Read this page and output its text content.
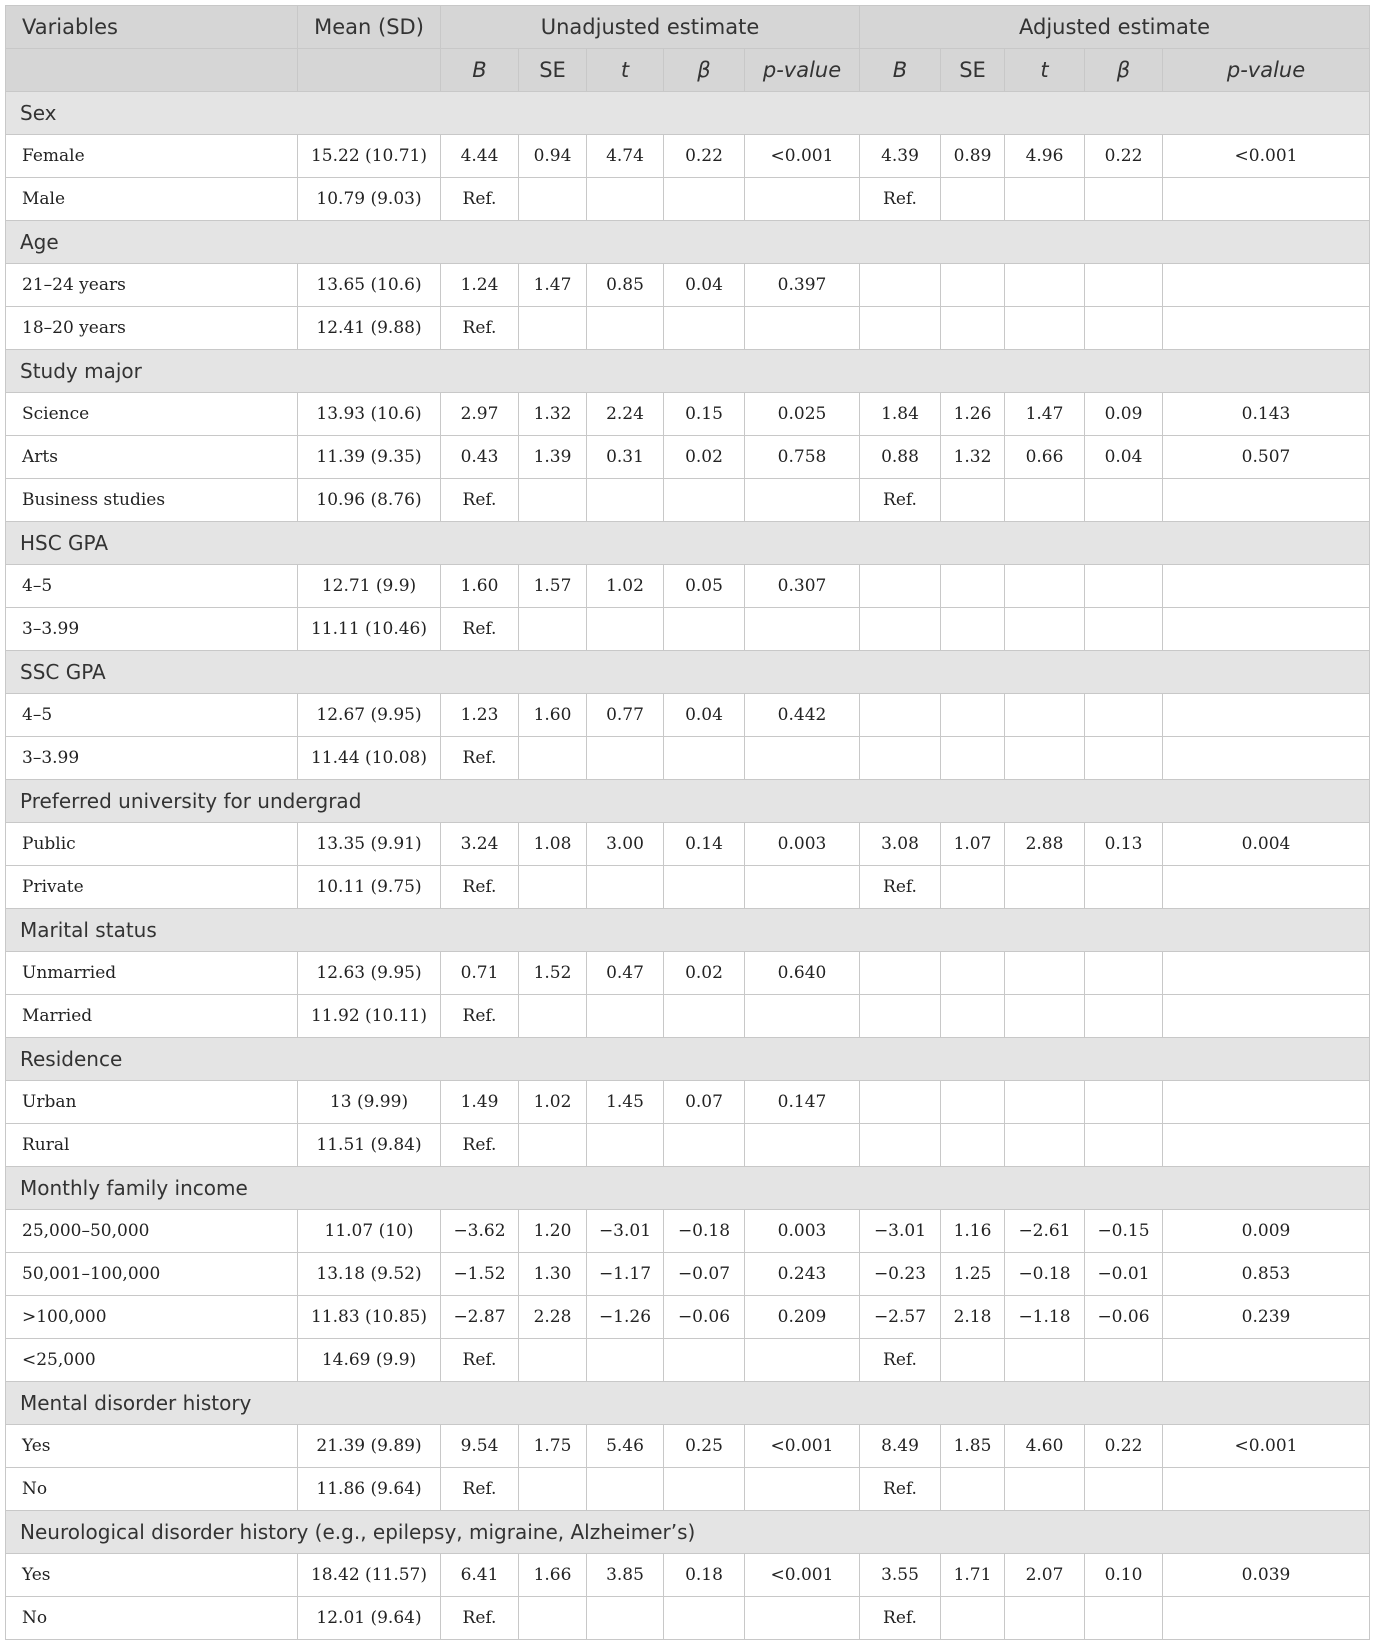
Variables	Mean (SD)	Unadjusted estimate					Adjusted estimate				
		B	SE	t	β	p-value	B	SE	t	β	p-value
Sex											
Female	15.22 (10.71)	4.44	0.94	4.74	0.22	<0.001	4.39	0.89	4.96	0.22	<0.001
Male	10.79 (9.03)	Ref.					Ref.				
Age											
21–24 years	13.65 (10.6)	1.24	1.47	0.85	0.04	0.397					
18–20 years	12.41 (9.88)	Ref.									
Study major											
Science	13.93 (10.6)	2.97	1.32	2.24	0.15	0.025	1.84	1.26	1.47	0.09	0.143
Arts	11.39 (9.35)	0.43	1.39	0.31	0.02	0.758	0.88	1.32	0.66	0.04	0.507
Business studies	10.96 (8.76)	Ref.					Ref.				
HSC GPA											
4–5	12.71 (9.9)	1.60	1.57	1.02	0.05	0.307					
3–3.99	11.11 (10.46)	Ref.									
SSC GPA											
4–5	12.67 (9.95)	1.23	1.60	0.77	0.04	0.442					
3–3.99	11.44 (10.08)	Ref.									
Preferred university for undergrad											
Public	13.35 (9.91)	3.24	1.08	3.00	0.14	0.003	3.08	1.07	2.88	0.13	0.004
Private	10.11 (9.75)	Ref.					Ref.				
Marital status											
Unmarried	12.63 (9.95)	0.71	1.52	0.47	0.02	0.640					
Married	11.92 (10.11)	Ref.									
Residence											
Urban	13 (9.99)	1.49	1.02	1.45	0.07	0.147					
Rural	11.51 (9.84)	Ref.									
Monthly family income											
25,000–50,000	11.07 (10)	−3.62	1.20	−3.01	−0.18	0.003	−3.01	1.16	−2.61	−0.15	0.009
50,001–100,000	13.18 (9.52)	−1.52	1.30	−1.17	−0.07	0.243	−0.23	1.25	−0.18	−0.01	0.853
>100,000	11.83 (10.85)	−2.87	2.28	−1.26	−0.06	0.209	−2.57	2.18	−1.18	−0.06	0.239
<25,000	14.69 (9.9)	Ref.					Ref.				
Mental disorder history											
Yes	21.39 (9.89)	9.54	1.75	5.46	0.25	<0.001	8.49	1.85	4.60	0.22	<0.001
No	11.86 (9.64)	Ref.					Ref.				
Neurological disorder history (e.g., epilepsy, migraine, Alzheimer’s)											
Yes	18.42 (11.57)	6.41	1.66	3.85	0.18	<0.001	3.55	1.71	2.07	0.10	0.039
No	12.01 (9.64)	Ref.					Ref.				
